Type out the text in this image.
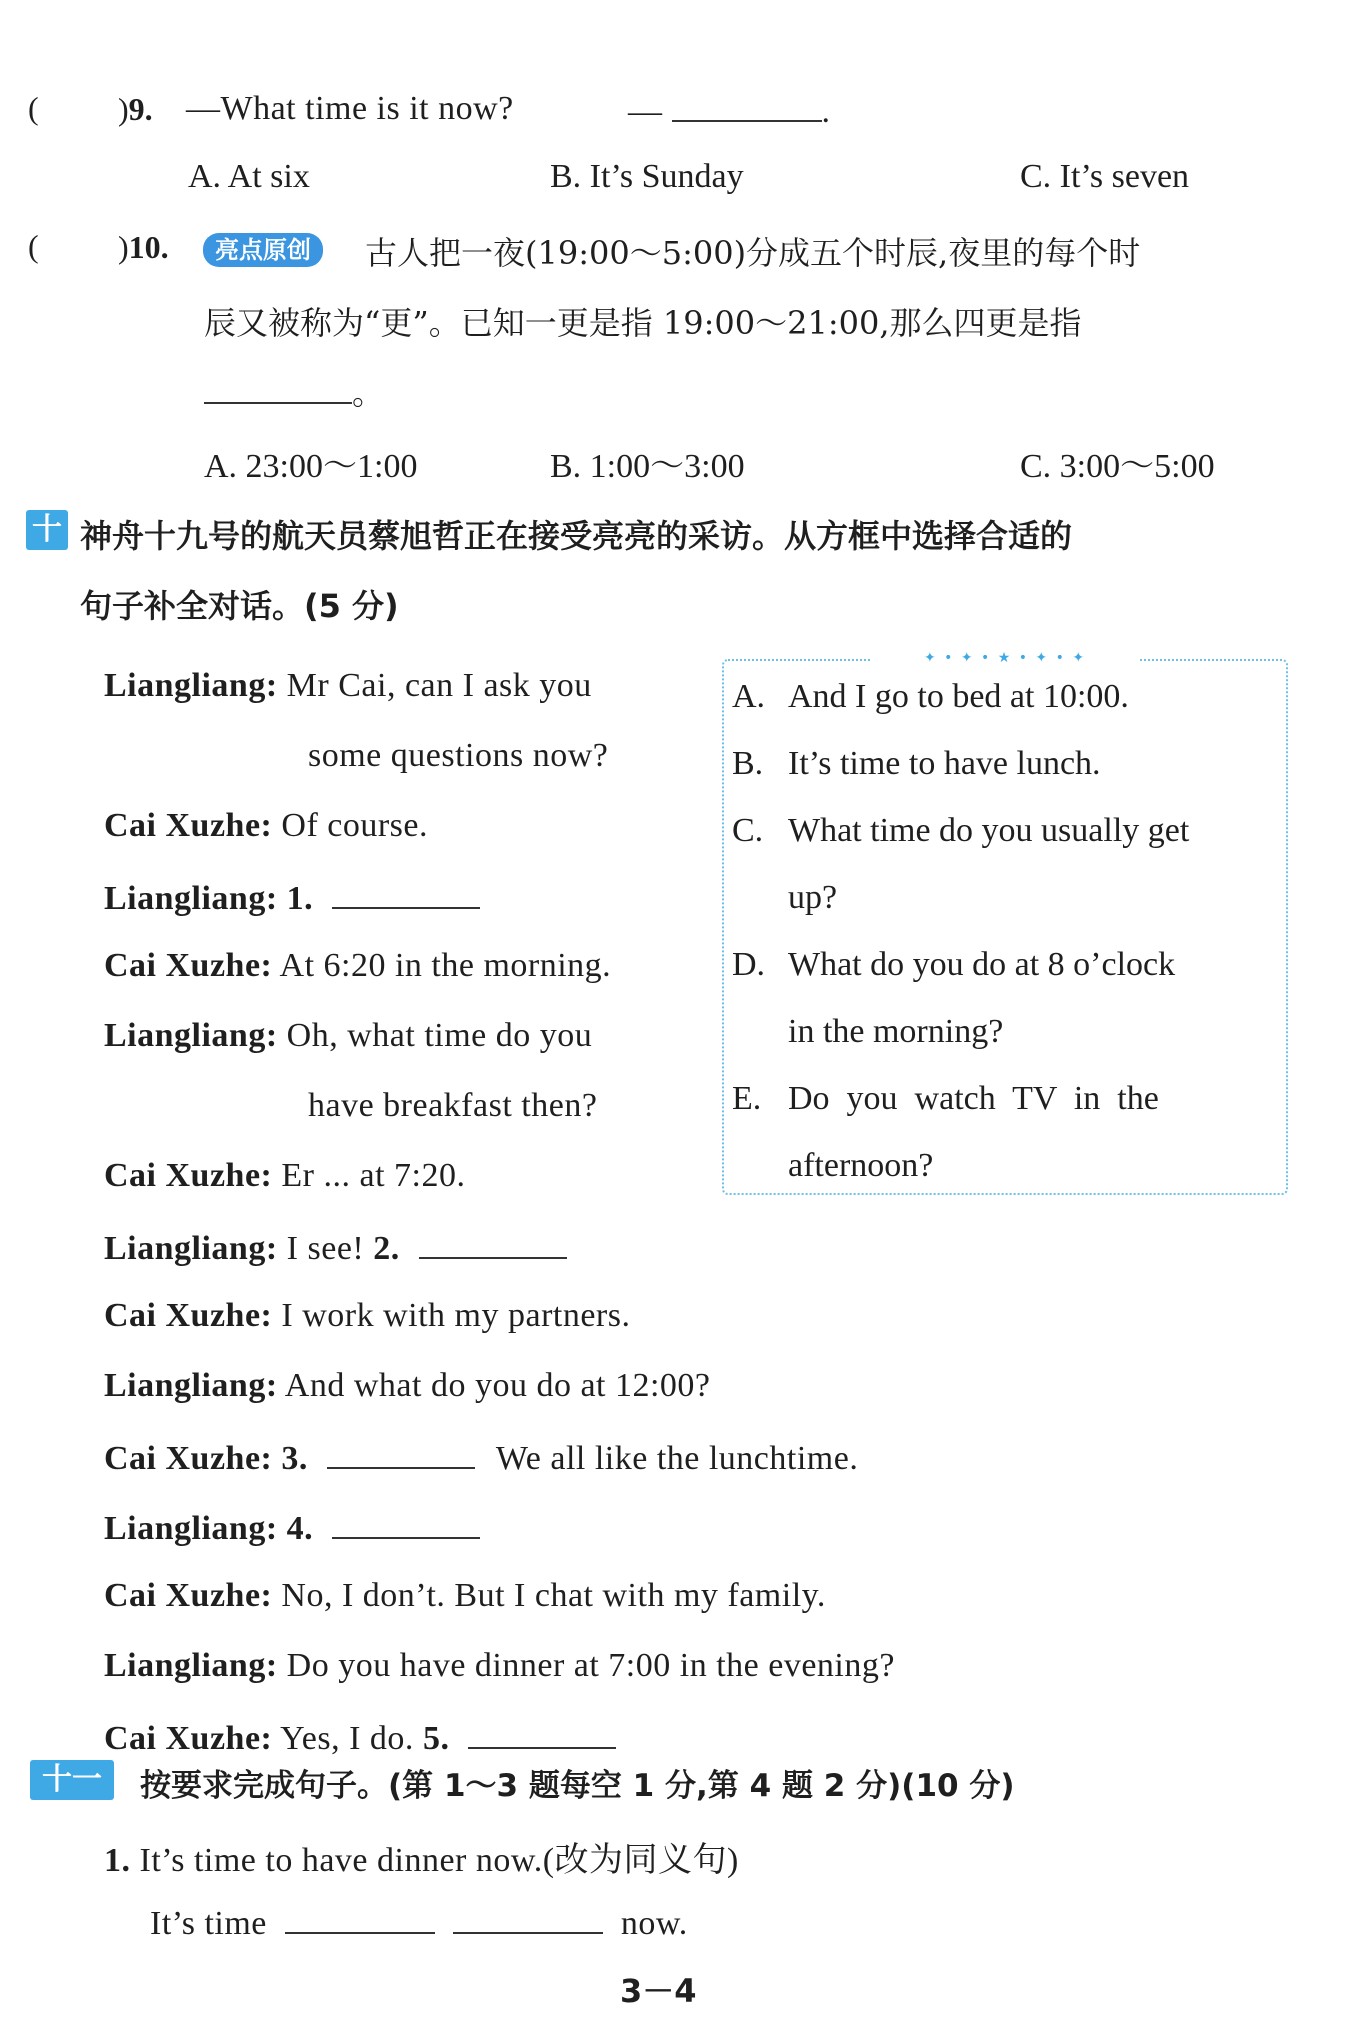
( )9. —What time is it now?	—	.
A. At six	B. It’s Sunday	C. It’s seven
( )10.	亮点原创	古人把一夜(19:00～5:00)分成五个时辰,夜里的每个时
辰又被称为“更”。已知一更是指 19:00～21:00,那么四更是指
。
A. 23:00～1:00	B. 1:00～3:00	C. 3:00～5:00
十 神舟十九号的航天员蔡旭哲正在接受亮亮的采访。从方框中选择合适的
句子补全对话。(5 分)
Liangliang: Mr Cai, can I ask you
some questions now?
Cai Xuzhe: Of course.
Liangliang: 1.
Cai Xuzhe: At 6:20 in the morning.
Liangliang: Oh, what time do you
have breakfast then?
Cai Xuzhe: Er ... at 7:20.
Liangliang: I see! 2.
Cai Xuzhe: I work with my partners.
Liangliang: And what do you do at 12:00?
Cai Xuzhe: 3.	We all like the lunchtime.
Liangliang: 4.
Cai Xuzhe: No, I don’t. But I chat with my family.
Liangliang: Do you have dinner at 7:00 in the evening?
Cai Xuzhe: Yes, I do. 5.
✦ • ✦ • ★ • ✦ • ✦
A. And I go to bed at 10:00.
B. It’s time to have lunch.
C. What time do you usually get
up?
D. What do you do at 8 o’clock
in the morning?
E. Do  you  watch  TV  in  the
afternoon?
十一	按要求完成句子。(第 1～3 题每空 1 分,第 4 题 2 分)(10 分)
1. It’s time to have dinner now.(改为同义句)
It’s time	now.
3－4
